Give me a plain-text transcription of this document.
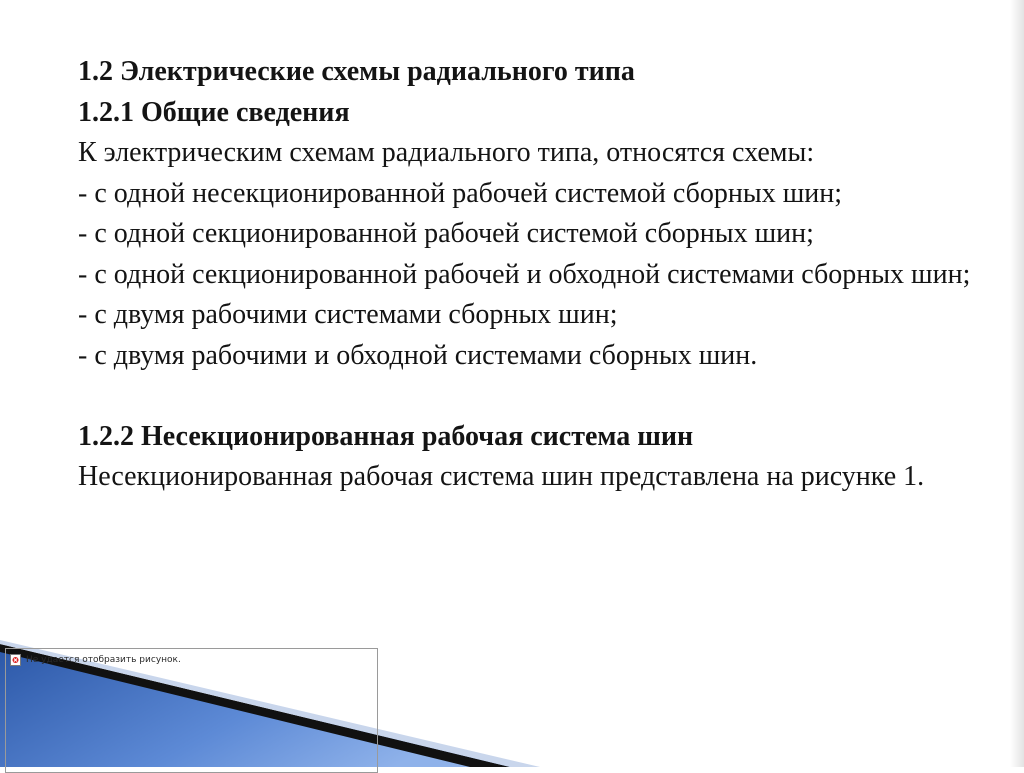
1.2 Электрические схемы радиального типа

1.2.1 Общие сведения

К электрическим схемам радиального типа, относятся схемы:

- с одной несекционированной рабочей системой сборных шин;

- с одной секционированной рабочей системой сборных шин;

- с одной секционированной рабочей и обходной системами сборных шин;

- с двумя рабочими системами сборных шин;

- с двумя рабочими и обходной системами сборных шин.

1.2.2 Несекционированная рабочая система шин

Несекционированная рабочая система шин представлена на рисунке 1.

Не удается отобразить рисунок.
